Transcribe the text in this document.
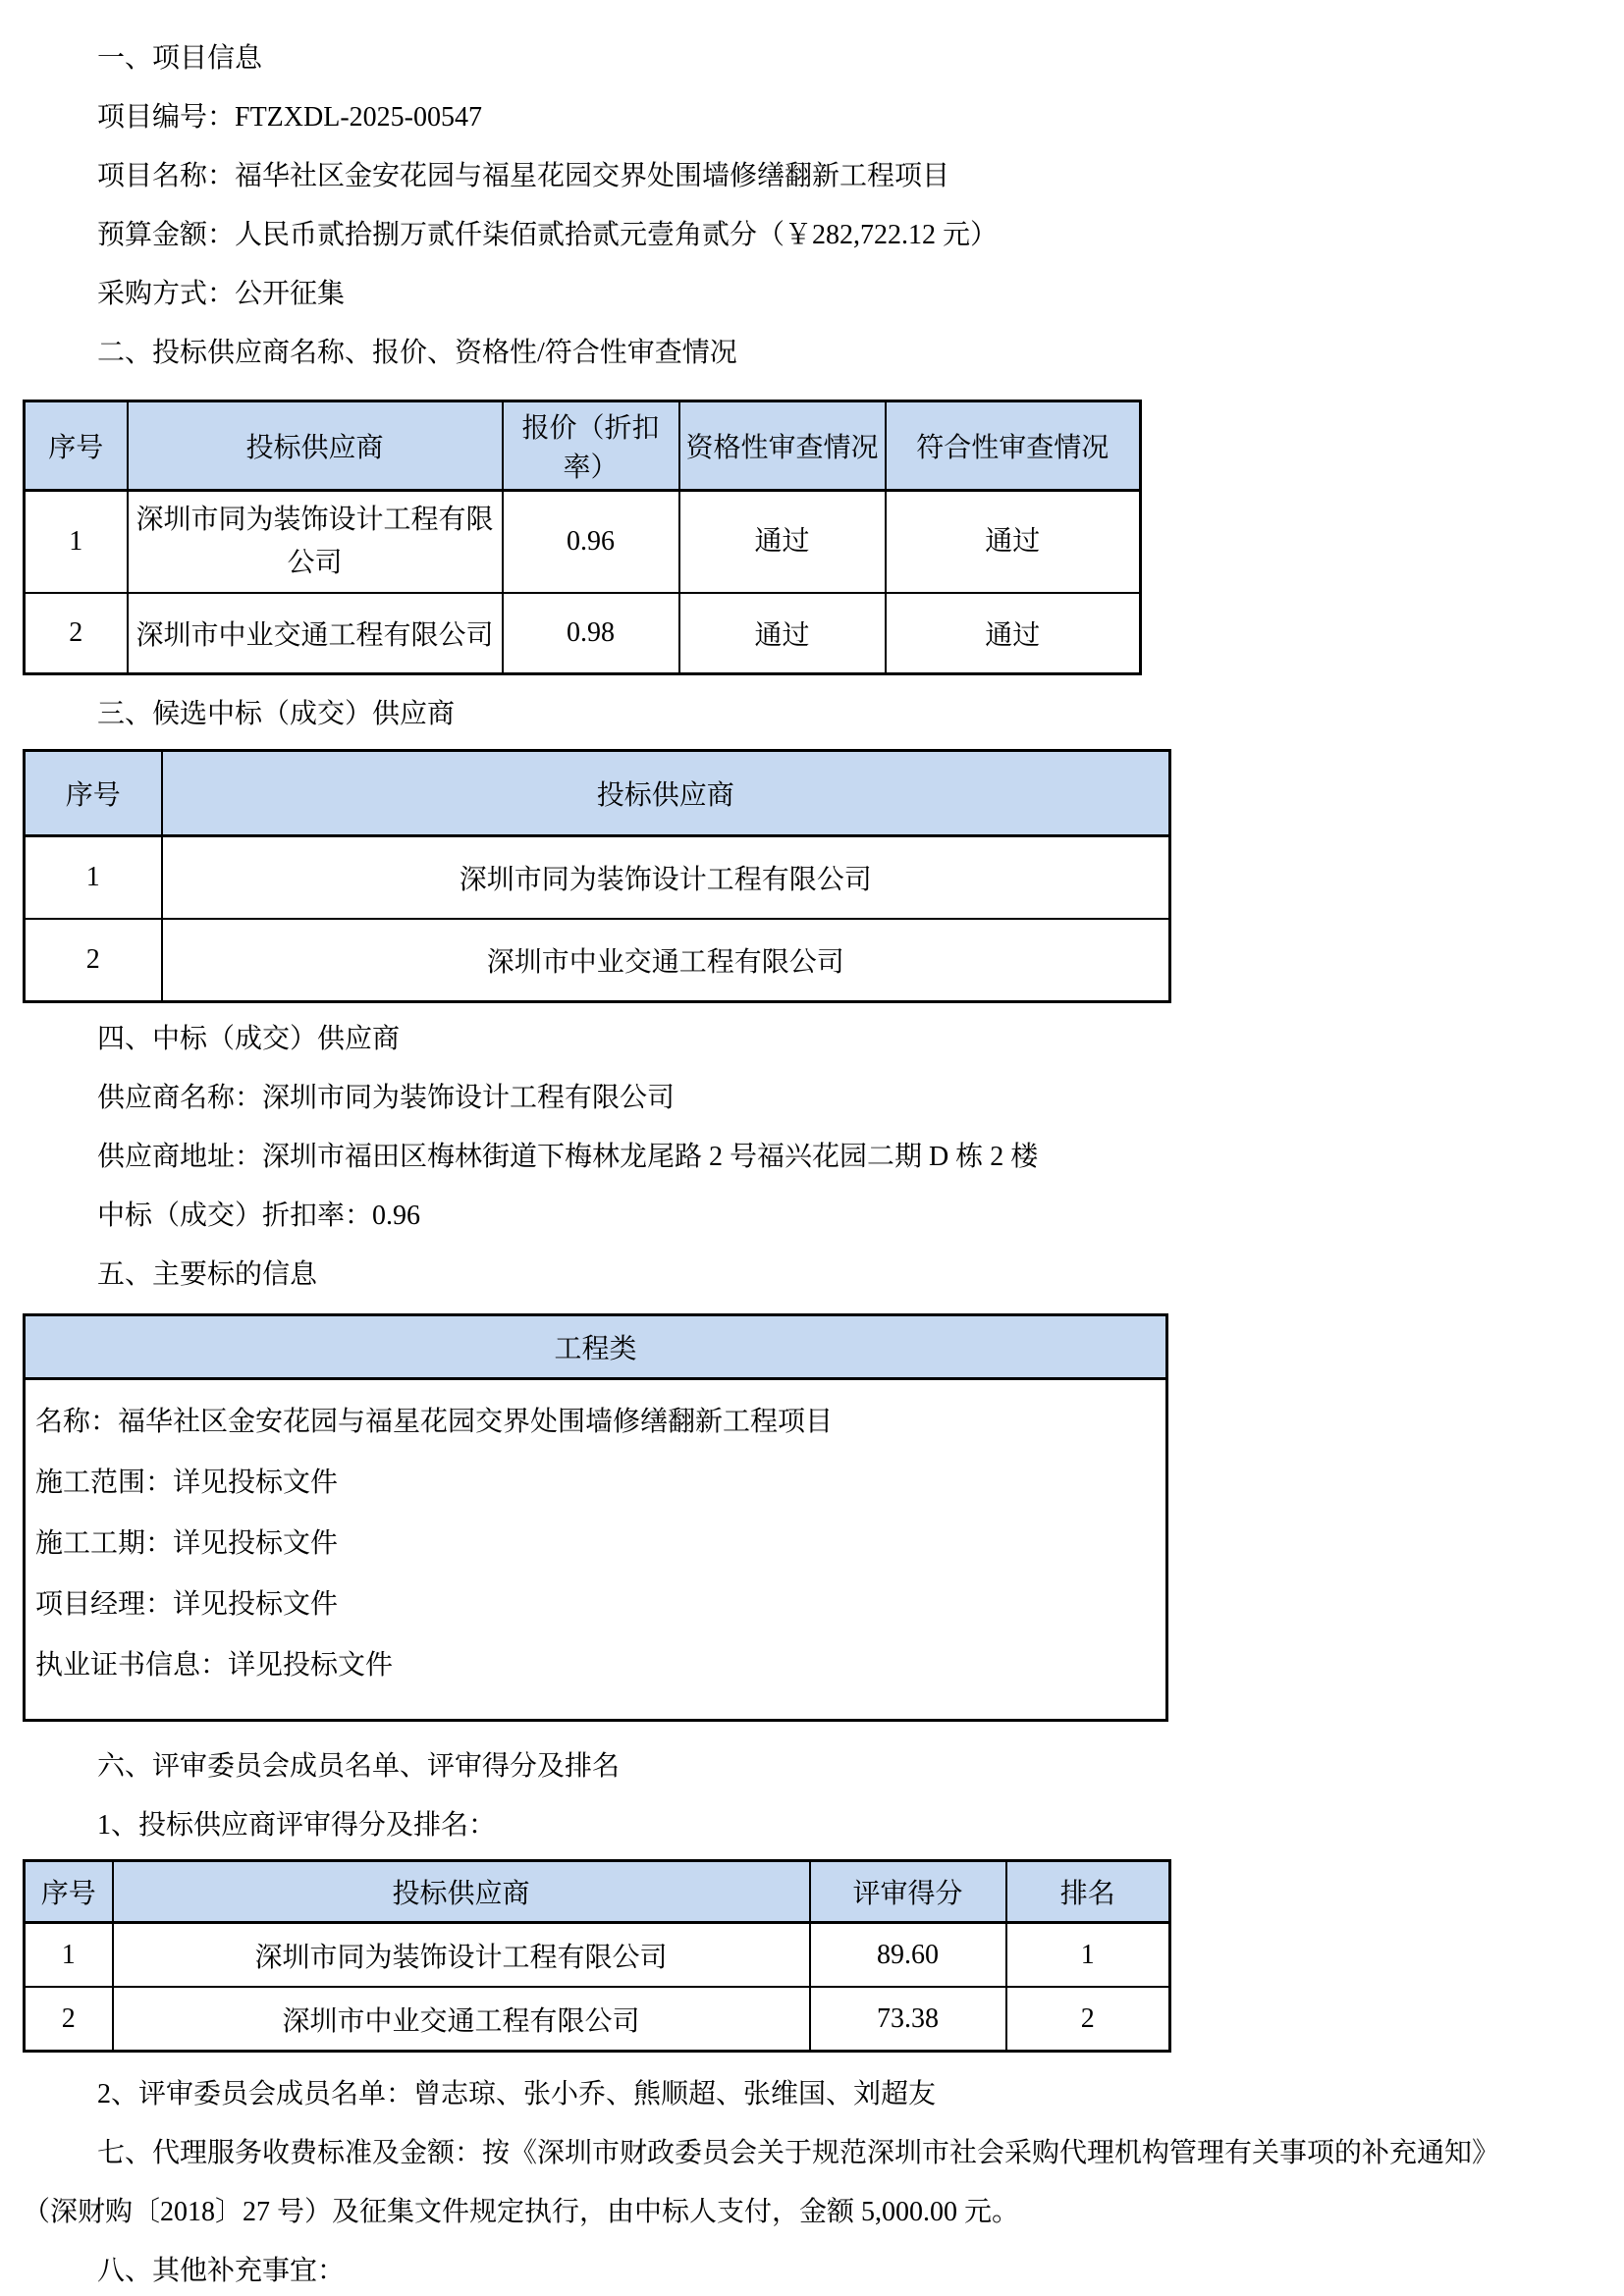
一、项目信息

项目编号：FTZXDL-2025-00547

项目名称：福华社区金安花园与福星花园交界处围墙修缮翻新工程项目

预算金额：人民币贰拾捌万贰仟柒佰贰拾贰元壹角贰分（￥282,722.12 元）

采购方式：公开征集

二、投标供应商名称、报价、资格性/符合性审查情况

序号	投标供应商	报价（折扣率）	资格性审查情况	符合性审查情况
1	深圳市同为装饰设计工程有限公司	0.96	通过	通过
2	深圳市中业交通工程有限公司	0.98	通过	通过

三、候选中标（成交）供应商

序号	投标供应商
1	深圳市同为装饰设计工程有限公司
2	深圳市中业交通工程有限公司

四、中标（成交）供应商

供应商名称：深圳市同为装饰设计工程有限公司

供应商地址：深圳市福田区梅林街道下梅林龙尾路 2 号福兴花园二期 D 栋 2 楼

中标（成交）折扣率：0.96

五、主要标的信息

工程类

名称：福华社区金安花园与福星花园交界处围墙修缮翻新工程项目
施工范围：详见投标文件
施工工期：详见投标文件
项目经理：详见投标文件
执业证书信息：详见投标文件

六、评审委员会成员名单、评审得分及排名

1、投标供应商评审得分及排名：

序号	投标供应商	评审得分	排名
1	深圳市同为装饰设计工程有限公司	89.60	1
2	深圳市中业交通工程有限公司	73.38	2

2、评审委员会成员名单：曾志琼、张小乔、熊顺超、张维国、刘超友

七、代理服务收费标准及金额：按《深圳市财政委员会关于规范深圳市社会采购代理机构管理有关事项的补充通知》

（深财购〔2018〕27 号）及征集文件规定执行，由中标人支付，金额 5,000.00 元。

八、其他补充事宜：
